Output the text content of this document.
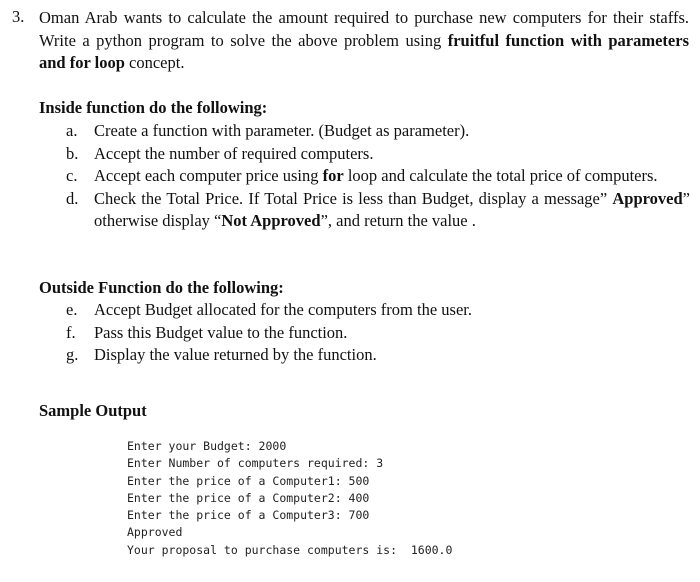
3. Oman Arab wants to calculate the amount required to purchase new computers for their staffs. Write a python program to solve the above problem using fruitful function with parameters and for loop concept.
Inside function do the following:
a.	Create a function with parameter. (Budget as parameter).
b. Accept the number of required computers.
c.	Accept each computer price using for loop and calculate the total price of computers.
d. Check the Total Price. If Total Price is less than Budget, display a message” Approved” otherwise display “Not Approved”, and return the value .
Outside Function do the following:
e.	Accept Budget allocated for the computers from the user.
f.	Pass this Budget value to the function.
g. Display the value returned by the function.
Sample Output
Enter your Budget: 2000
Enter Number of computers required: 3
Enter the price of a Computer1: 500
Enter the price of a Computer2: 400
Enter the price of a Computer3: 700
Approved
Your proposal to purchase computers is:  1600.0
